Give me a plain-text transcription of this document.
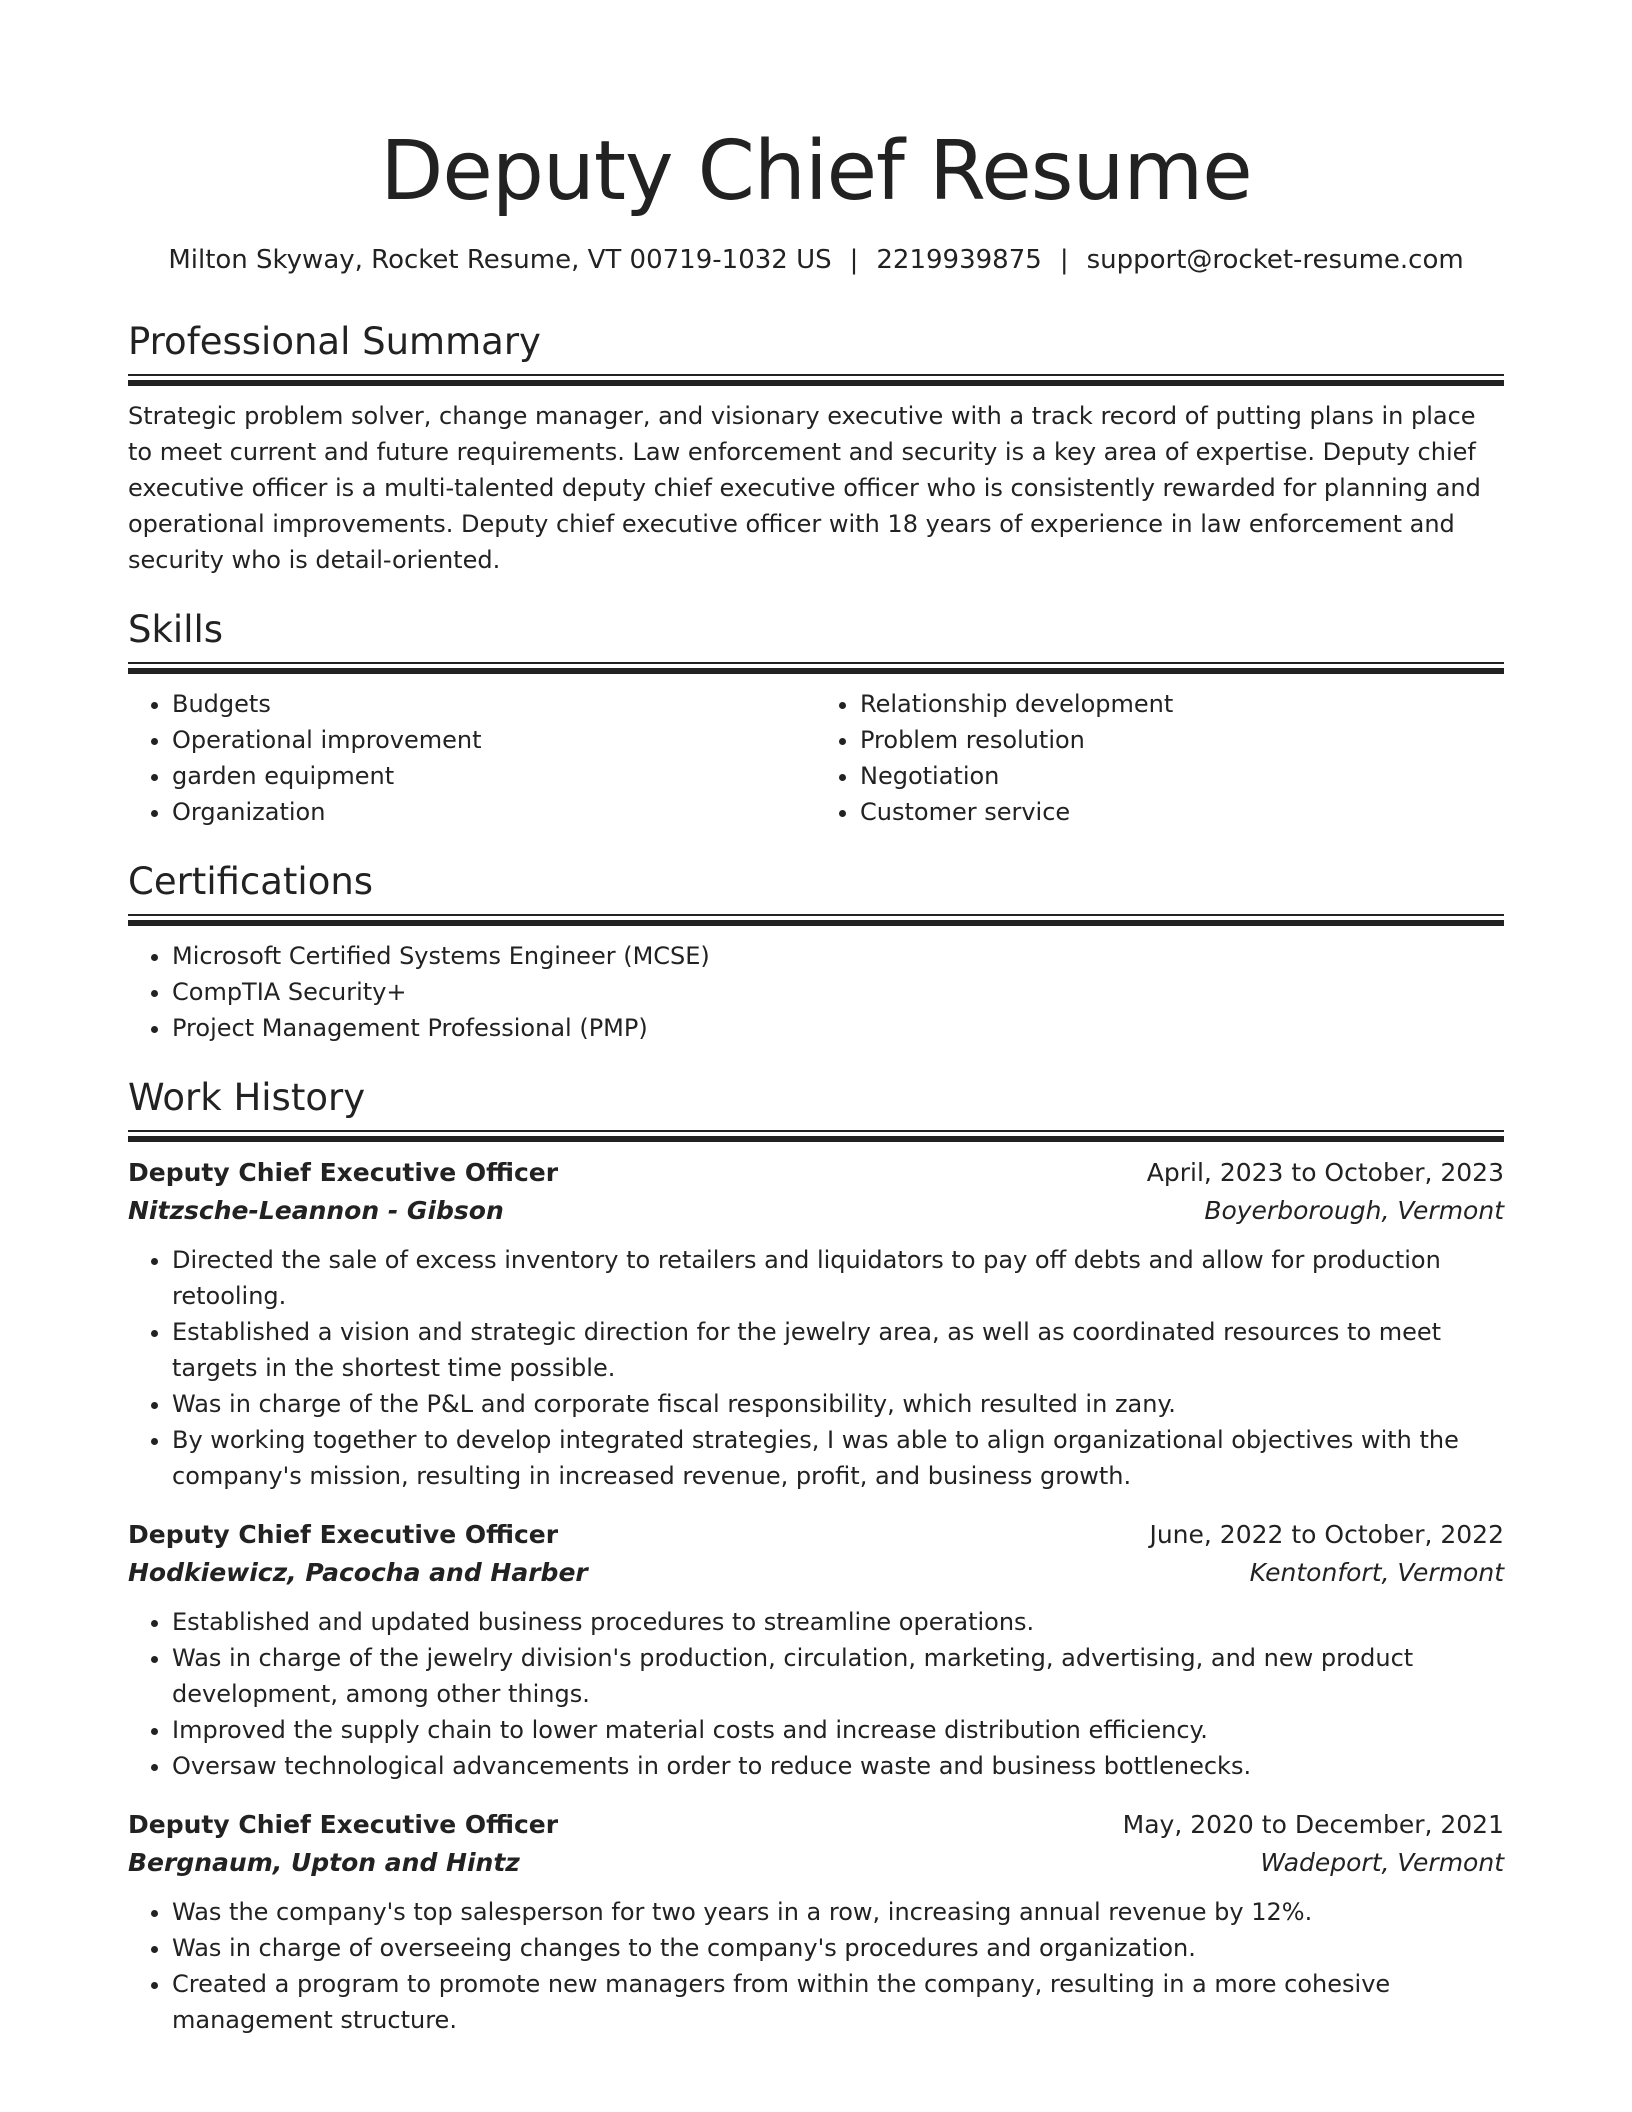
Deputy Chief Resume
Milton Skyway, Rocket Resume, VT 00719-1032 US | 2219939875 | support@rocket-resume.com
Professional Summary

Strategic problem solver, change manager, and visionary executive with a track record of putting plans in place to meet current and future requirements. Law enforcement and security is a key area of expertise. Deputy chief executive officer is a multi-talented deputy chief executive officer who is consistently rewarded for planning and operational improvements. Deputy chief executive officer with 18 years of experience in law enforcement and security who is detail-oriented.

Skills
• Budgets
• Operational improvement
• garden equipment
• Organization
• Relationship development
• Problem resolution
• Negotiation
• Customer service
Certifications
• Microsoft Certified Systems Engineer (MCSE)
• CompTIA Security+
• Project Management Professional (PMP)
Work History
Deputy Chief Executive Officer	April, 2023 to October, 2023
Nitzsche-Leannon - Gibson	Boyerborough, Vermont
• Directed the sale of excess inventory to retailers and liquidators to pay off debts and allow for production retooling.
• Established a vision and strategic direction for the jewelry area, as well as coordinated resources to meet targets in the shortest time possible.
• Was in charge of the P&L and corporate fiscal responsibility, which resulted in zany.
• By working together to develop integrated strategies, I was able to align organizational objectives with the company's mission, resulting in increased revenue, profit, and business growth.
Deputy Chief Executive Officer	June, 2022 to October, 2022
Hodkiewicz, Pacocha and Harber	Kentonfort, Vermont
• Established and updated business procedures to streamline operations.
• Was in charge of the jewelry division's production, circulation, marketing, advertising, and new product development, among other things.
• Improved the supply chain to lower material costs and increase distribution efficiency.
• Oversaw technological advancements in order to reduce waste and business bottlenecks.
Deputy Chief Executive Officer	May, 2020 to December, 2021
Bergnaum, Upton and Hintz	Wadeport, Vermont
• Was the company's top salesperson for two years in a row, increasing annual revenue by 12%.
• Was in charge of overseeing changes to the company's procedures and organization.
• Created a program to promote new managers from within the company, resulting in a more cohesive management structure.
